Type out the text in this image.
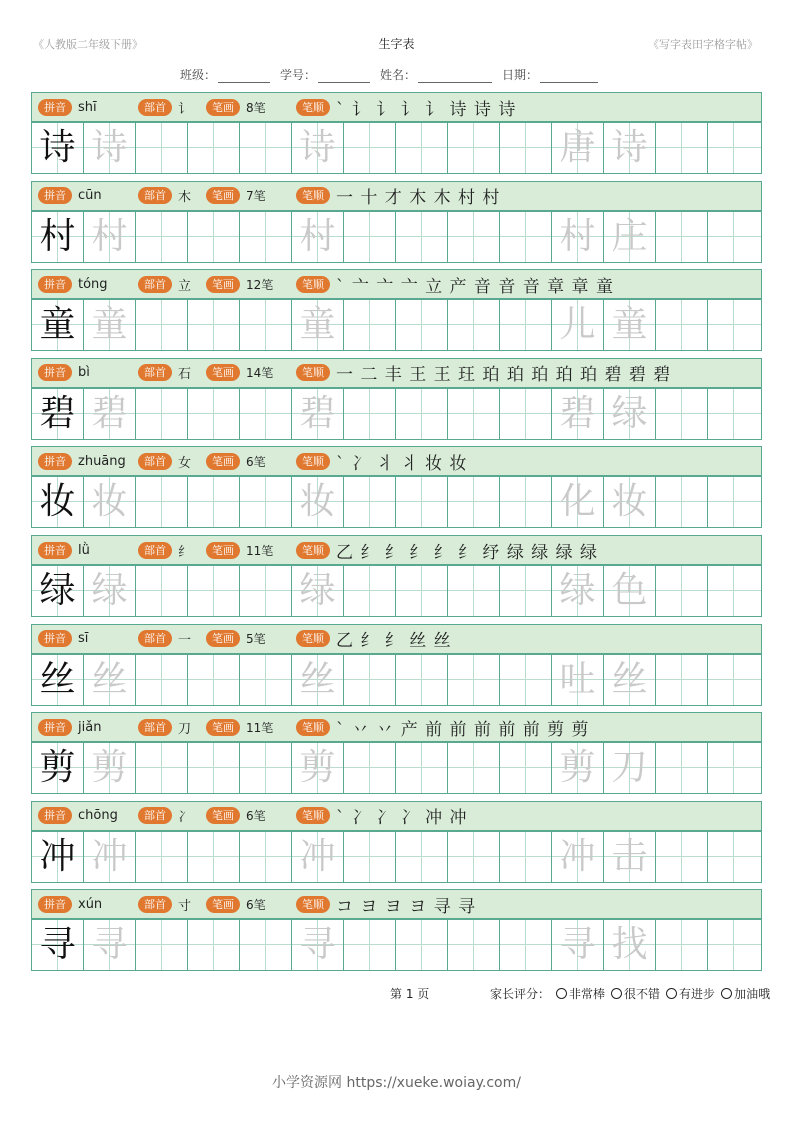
《人教版二年级下册》	生字表	《写字表田字格字帖》
班级：	学号：	姓名：	日期：
拼音 shī	部首 讠	笔画	8笔	笔顺 ` 讠 讠 讠 讠 诗 诗 诗
诗 诗	诗	唐 诗
拼音 cūn	部首 木	笔画	7笔	笔顺 一 十 才 木 木 村 村
村 村	村	村 庄
拼音 tóng	部首 立	笔画	12笔	笔顺 ` 亠 亠 亠 立 产 音 音 音 章 章 童
童 童	童	儿 童
拼音 bì	部首 石	笔画	14笔	笔顺 一 二 丰 王 王 玨 珀 珀 珀 珀 珀 碧 碧 碧
碧 碧	碧	碧 绿
拼音 zhuāng	部首 女	笔画	6笔	笔顺 ` 冫 丬 丬 妆 妆
妆 妆	妆	化 妆
拼音 lǜ	部首 纟	笔画	11笔	笔顺 乙 纟 纟 纟 纟 纟 纾 绿 绿 绿 绿
绿 绿	绿	绿 色
拼音 sī	部首 一	笔画	5笔	笔顺 乙 纟 纟 丝 丝
丝 丝	丝	吐 丝
拼音 jiǎn	部首 刀	笔画	11笔	笔顺 ` 丷 丷 产 前 前 前 前 前 剪 剪
剪 剪	剪	剪 刀
拼音 chōng	部首 冫	笔画	6笔	笔顺 ` 冫 冫 冫 冲 冲
冲 冲	冲	冲 击
拼音 xún	部首 寸	笔画	6笔	笔顺 コ ヨ ヨ ヨ 寻 寻
寻 寻	寻	寻 找
第 1 页	家长评分： 非常棒 很不错 有进步 加油哦
小学资源网 https://xueke.woiay.com/
